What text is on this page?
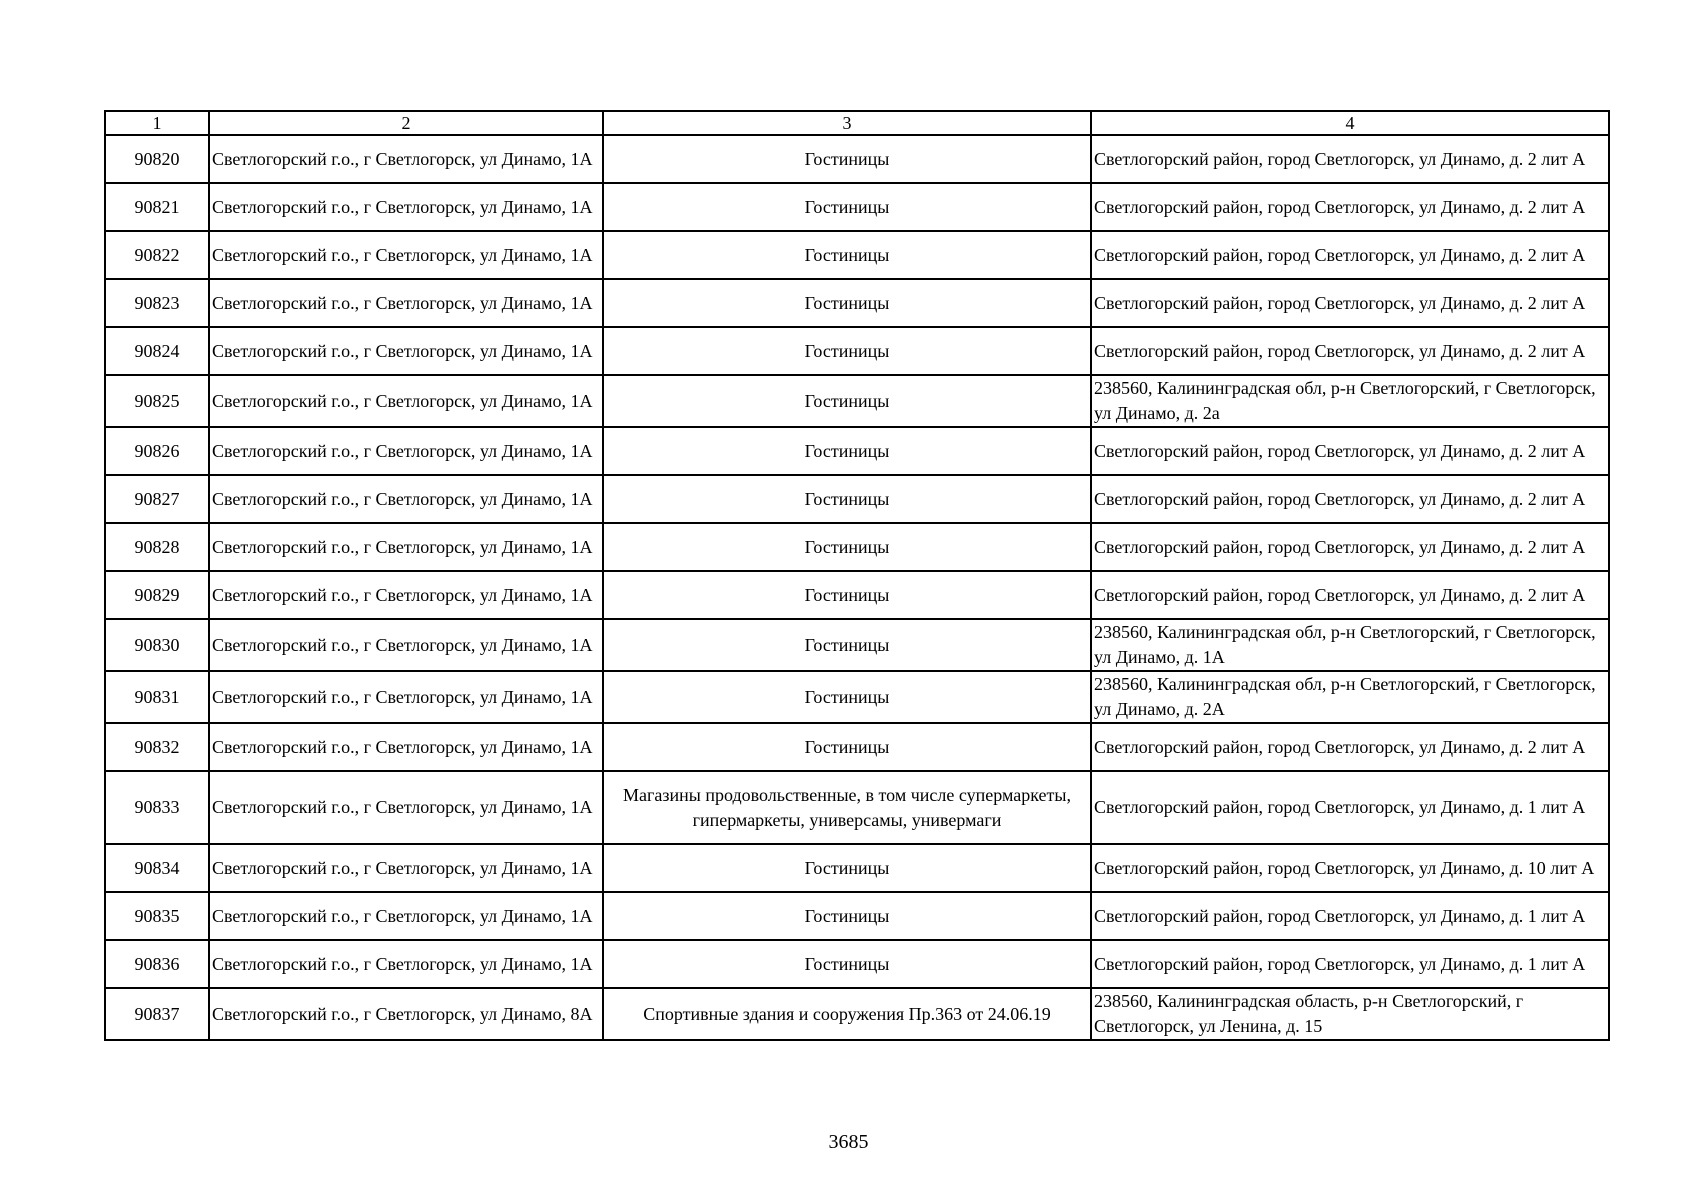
1	2	3	4
90820	Светлогорский г.о., г Светлогорск, ул Динамо, 1А	Гостиницы	Светлогорский район, город Светлогорск, ул Динамо, д. 2 лит А
90821	Светлогорский г.о., г Светлогорск, ул Динамо, 1А	Гостиницы	Светлогорский район, город Светлогорск, ул Динамо, д. 2 лит А
90822	Светлогорский г.о., г Светлогорск, ул Динамо, 1А	Гостиницы	Светлогорский район, город Светлогорск, ул Динамо, д. 2 лит А
90823	Светлогорский г.о., г Светлогорск, ул Динамо, 1А	Гостиницы	Светлогорский район, город Светлогорск, ул Динамо, д. 2 лит А
90824	Светлогорский г.о., г Светлогорск, ул Динамо, 1А	Гостиницы	Светлогорский район, город Светлогорск, ул Динамо, д. 2 лит А
90825	Светлогорский г.о., г Светлогорск, ул Динамо, 1А	Гостиницы	238560, Калининградская обл, р-н Светлогорский, г Светлогорск, ул Динамо, д. 2а
90826	Светлогорский г.о., г Светлогорск, ул Динамо, 1А	Гостиницы	Светлогорский район, город Светлогорск, ул Динамо, д. 2 лит А
90827	Светлогорский г.о., г Светлогорск, ул Динамо, 1А	Гостиницы	Светлогорский район, город Светлогорск, ул Динамо, д. 2 лит А
90828	Светлогорский г.о., г Светлогорск, ул Динамо, 1А	Гостиницы	Светлогорский район, город Светлогорск, ул Динамо, д. 2 лит А
90829	Светлогорский г.о., г Светлогорск, ул Динамо, 1А	Гостиницы	Светлогорский район, город Светлогорск, ул Динамо, д. 2 лит А
90830	Светлогорский г.о., г Светлогорск, ул Динамо, 1А	Гостиницы	238560, Калининградская обл, р-н Светлогорский, г Светлогорск, ул Динамо, д. 1А
90831	Светлогорский г.о., г Светлогорск, ул Динамо, 1А	Гостиницы	238560, Калининградская обл, р-н Светлогорский, г Светлогорск, ул Динамо, д. 2А
90832	Светлогорский г.о., г Светлогорск, ул Динамо, 1А	Гостиницы	Светлогорский район, город Светлогорск, ул Динамо, д. 2 лит А
90833	Светлогорский г.о., г Светлогорск, ул Динамо, 1А	Магазины продовольственные, в том числе супермаркеты, гипермаркеты, универсамы, универмаги	Светлогорский район, город Светлогорск, ул Динамо, д. 1 лит А
90834	Светлогорский г.о., г Светлогорск, ул Динамо, 1А	Гостиницы	Светлогорский район, город Светлогорск, ул Динамо, д. 10 лит А
90835	Светлогорский г.о., г Светлогорск, ул Динамо, 1А	Гостиницы	Светлогорский район, город Светлогорск, ул Динамо, д. 1 лит А
90836	Светлогорский г.о., г Светлогорск, ул Динамо, 1А	Гостиницы	Светлогорский район, город Светлогорск, ул Динамо, д. 1 лит А
90837	Светлогорский г.о., г Светлогорск, ул Динамо, 8А	Спортивные здания и сооружения Пр.363 от 24.06.19	238560, Калининградская область, р-н Светлогорский, г Светлогорск, ул Ленина, д. 15
3685
